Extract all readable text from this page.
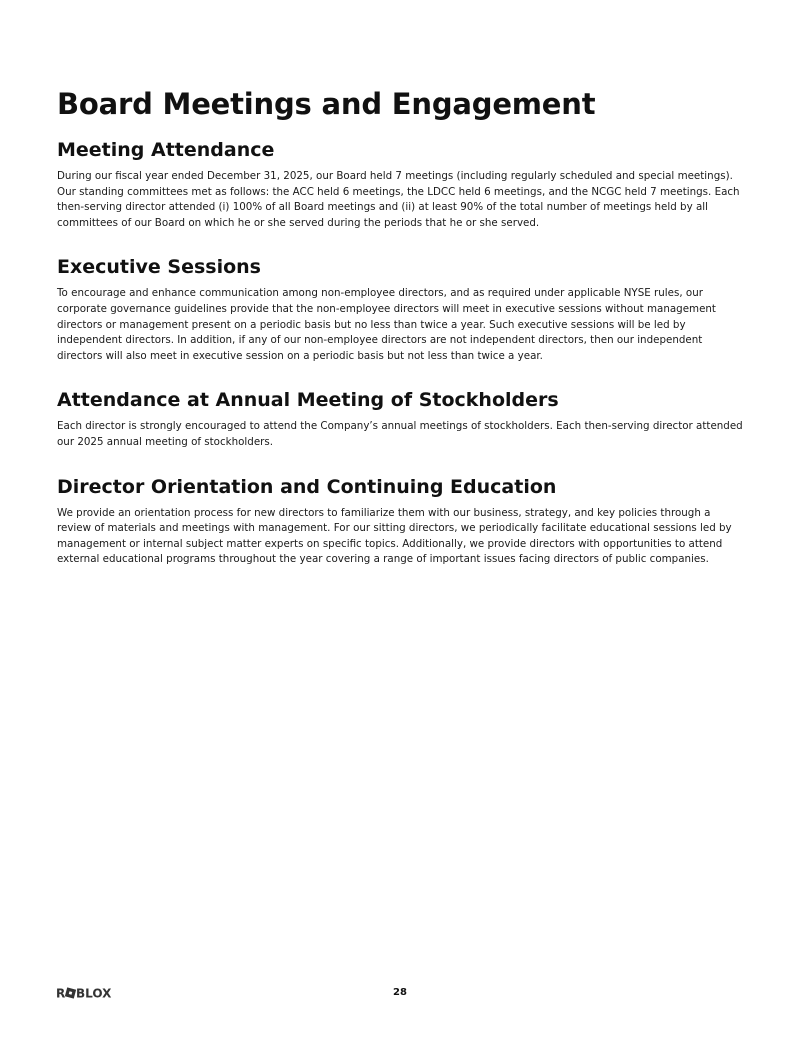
Board Meetings and Engagement
Meeting Attendance

During our fiscal year ended December 31, 2025, our Board held 7 meetings (including regularly scheduled and special meetings). Our standing committees met as follows: the ACC held 6 meetings, the LDCC held 6 meetings, and the NCGC held 7 meetings. Each then-serving director attended (i) 100% of all Board meetings and (ii) at least 90% of the total number of meetings held by all committees of our Board on which he or she served during the periods that he or she served.

Executive Sessions

To encourage and enhance communication among non-employee directors, and as required under applicable NYSE rules, our corporate governance guidelines provide that the non-employee directors will meet in executive sessions without management directors or management present on a periodic basis but no less than twice a year. Such executive sessions will be led by independent directors. In addition, if any of our non-employee directors are not independent directors, then our independent directors will also meet in executive session on a periodic basis but not less than twice a year.

Attendance at Annual Meeting of Stockholders

Each director is strongly encouraged to attend the Company’s annual meetings of stockholders. Each then-serving director attended our 2025 annual meeting of stockholders.

Director Orientation and Continuing Education

We provide an orientation process for new directors to familiarize them with our business, strategy, and key policies through a review of materials and meetings with management. For our sitting directors, we periodically facilitate educational sessions led by management or internal subject matter experts on specific topics. Additionally, we provide directors with opportunities to attend external educational programs throughout the year covering a range of important issues facing directors of public companies.

R BLOX	28
